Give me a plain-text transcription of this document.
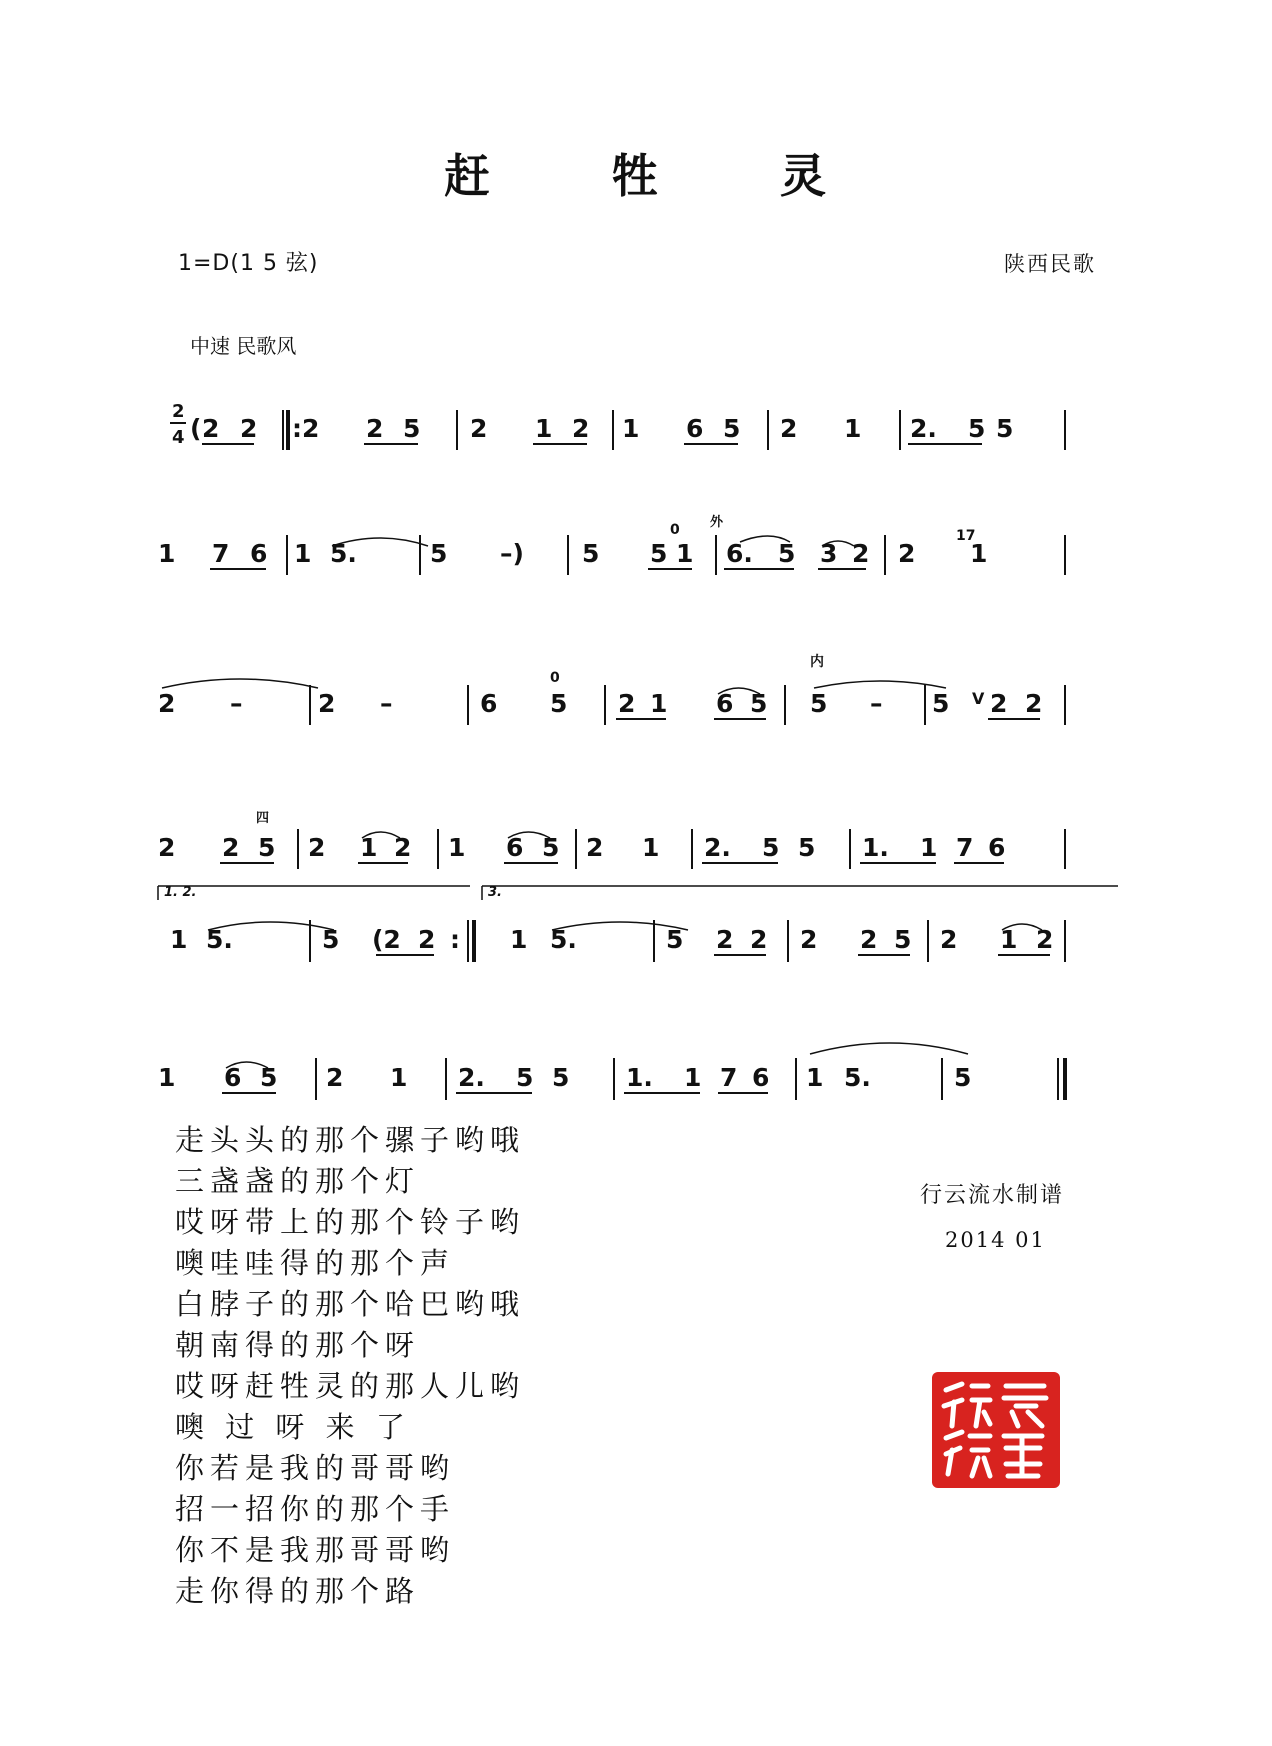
赶	牲	灵
1=D(1 5 弦)	陕西民歌
中速 民歌风
2
4 ( 2 2 :2 2 5 2 1 2 1 6 5 2 1 2. 5 5
1 7 6 1 5.	5 –) 5 5 1
0 外
6. 5 3 2 2 1
17
2 –	2 –	6 5
0
2 1 6 5 5
内
– 5 V 2 2
2 2 5
四
2 1 2 1 6 5 2 1 2. 5 5 1. 1 7 6
1. 2.
1 5.	5 (2 2 :
3.
1 5.	5 2 2 2 2 5 2 1 2
1 6 5 2 1 2. 5 5 1. 1 7 6 1 5.	5
走头头的那个骡子哟哦
三盏盏的那个灯
哎呀带上的那个铃子哟
噢哇哇得的那个声
白脖子的那个哈巴哟哦
朝南得的那个呀
哎呀赶牲灵的那人儿哟
噢 过 呀 来 了
你若是我的哥哥哟
招一招你的那个手
你不是我那哥哥哟
走你得的那个路
行云流水制谱
2014 01
